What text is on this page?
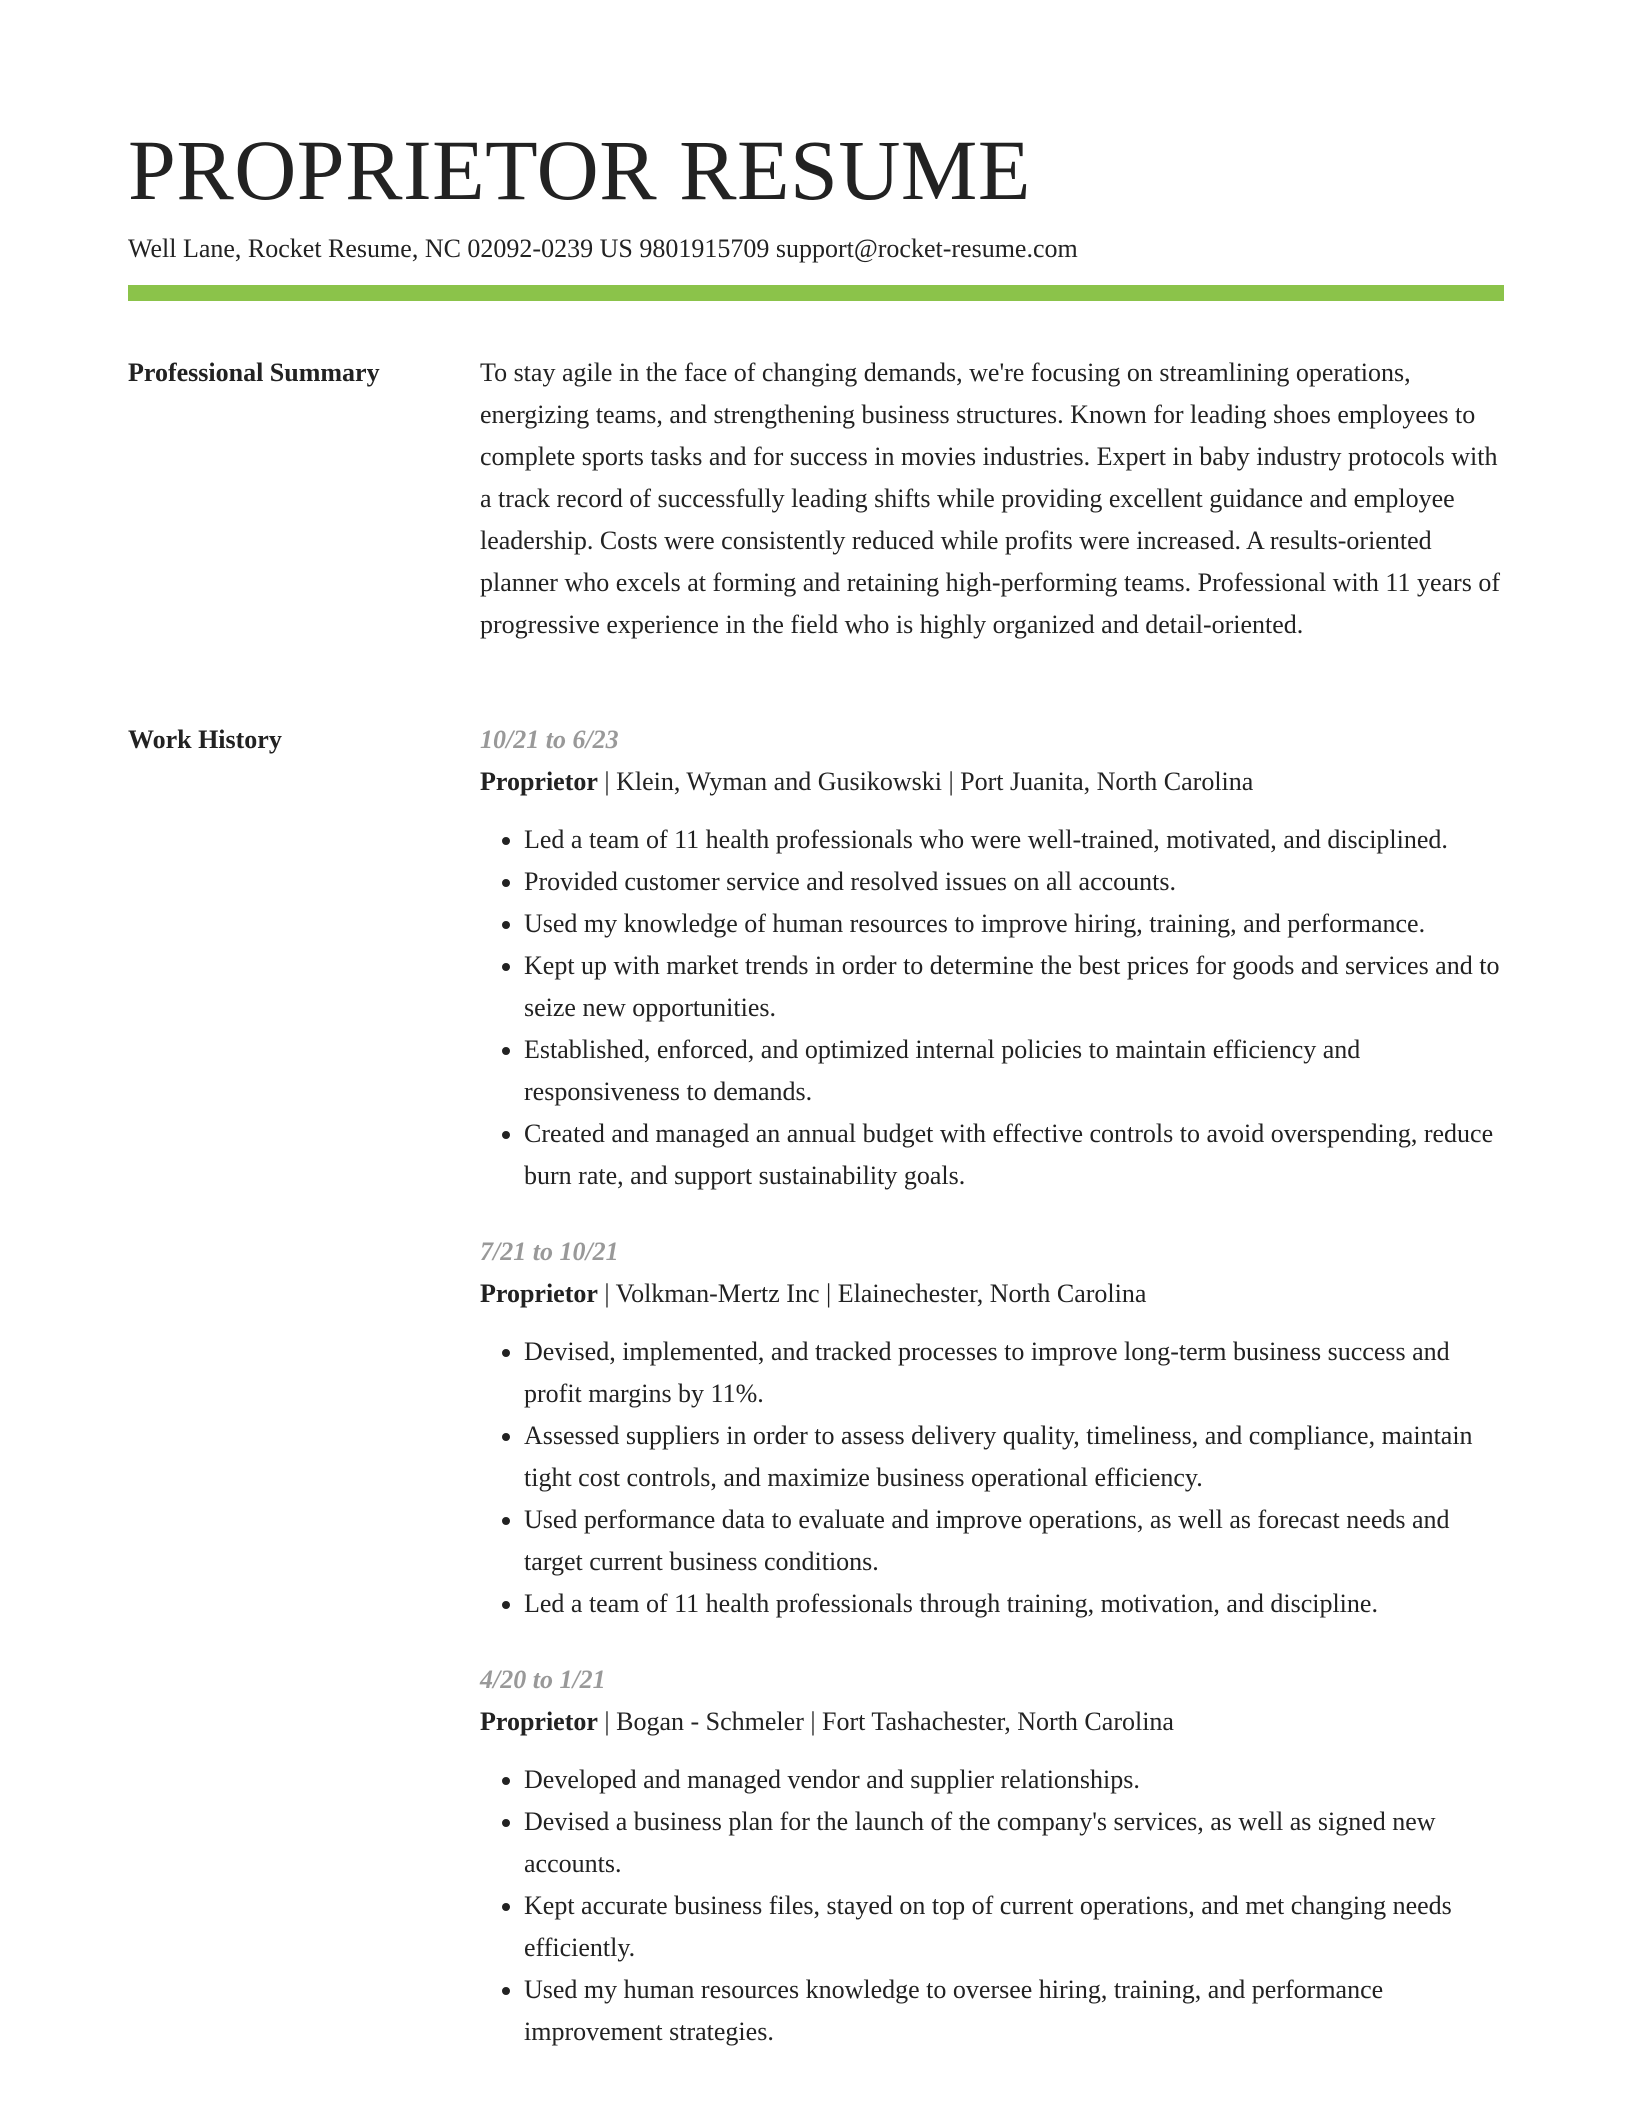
PROPRIETOR RESUME
Well Lane, Rocket Resume, NC 02092-0239 US 9801915709 support@rocket-resume.com
Professional Summary	To stay agile in the face of changing demands, we're focusing on streamlining operations, energizing teams, and strengthening business structures. Known for leading shoes employees to complete sports tasks and for success in movies industries. Expert in baby industry protocols with a track record of successfully leading shifts while providing excellent guidance and employee leadership. Costs were consistently reduced while profits were increased. A results-oriented planner who excels at forming and retaining high-performing teams. Professional with 11 years of progressive experience in the field who is highly organized and detail-oriented.

Work History	10/21 to 6/23
Proprietor | Klein, Wyman and Gusikowski | Port Juanita, North Carolina
• Led a team of 11 health professionals who were well-trained, motivated, and disciplined.
• Provided customer service and resolved issues on all accounts.
• Used my knowledge of human resources to improve hiring, training, and performance.
• Kept up with market trends in order to determine the best prices for goods and services and to seize new opportunities.
• Established, enforced, and optimized internal policies to maintain efficiency and responsiveness to demands.
• Created and managed an annual budget with effective controls to avoid overspending, reduce burn rate, and support sustainability goals.
7/21 to 10/21
Proprietor | Volkman-Mertz Inc | Elainechester, North Carolina
• Devised, implemented, and tracked processes to improve long-term business success and profit margins by 11%.
• Assessed suppliers in order to assess delivery quality, timeliness, and compliance, maintain tight cost controls, and maximize business operational efficiency.
• Used performance data to evaluate and improve operations, as well as forecast needs and target current business conditions.
• Led a team of 11 health professionals through training, motivation, and discipline.
4/20 to 1/21
Proprietor | Bogan - Schmeler | Fort Tashachester, North Carolina
• Developed and managed vendor and supplier relationships.
• Devised a business plan for the launch of the company's services, as well as signed new accounts.
• Kept accurate business files, stayed on top of current operations, and met changing needs efficiently.
• Used my human resources knowledge to oversee hiring, training, and performance improvement strategies.
